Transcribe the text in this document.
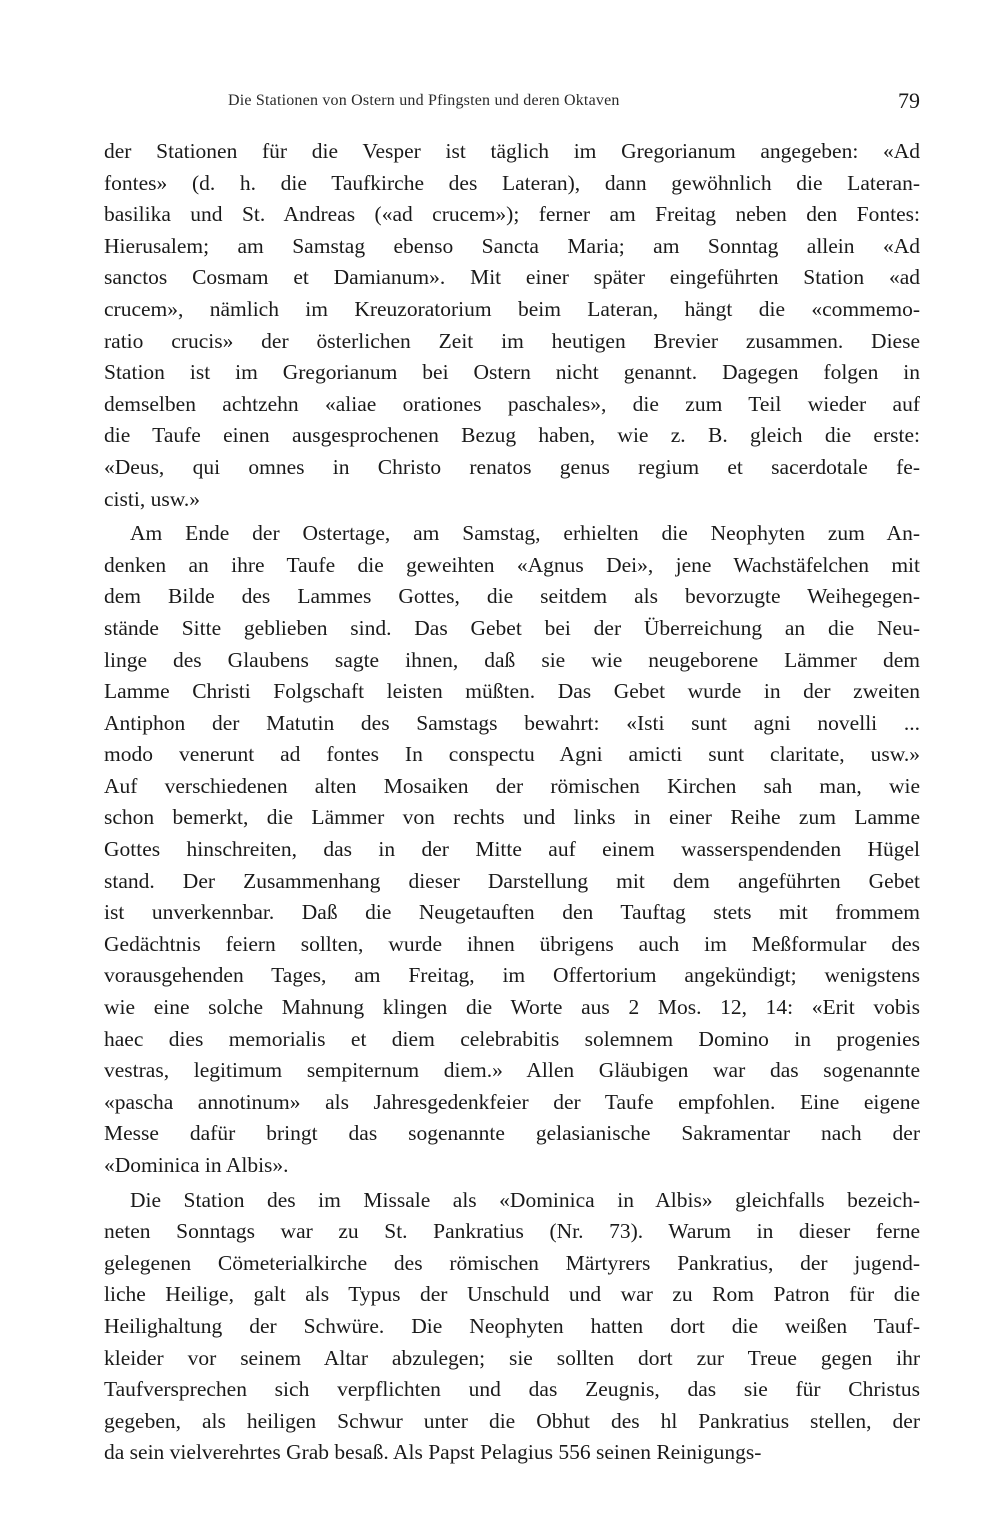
Die Stationen von Ostern und Pfingsten und deren Oktaven	79
der Stationen für die Vesper ist täglich im Gregorianum angegeben: «Ad
fontes» (d. h. die Taufkirche des Lateran), dann gewöhnlich die Lateran-
basilika und St. Andreas («ad crucem»); ferner am Freitag neben den Fontes:
Hierusalem; am Samstag ebenso Sancta Maria; am Sonntag allein «Ad
sanctos Cosmam et Damianum». Mit einer später eingeführten Station «ad
crucem», nämlich im Kreuzoratorium beim Lateran, hängt die «commemo-
ratio crucis» der österlichen Zeit im heutigen Brevier zusammen. Diese
Station ist im Gregorianum bei Ostern nicht genannt. Dagegen folgen in
demselben achtzehn «aliae orationes paschales», die zum Teil wieder auf
die Taufe einen ausgesprochenen Bezug haben, wie z. B. gleich die erste:
«Deus, qui omnes in Christo renatos genus regium et sacerdotale fe-
cisti, usw.»
Am Ende der Ostertage, am Samstag, erhielten die Neophyten zum An-
denken an ihre Taufe die geweihten «Agnus Dei», jene Wachstäfelchen mit
dem Bilde des Lammes Gottes, die seitdem als bevorzugte Weihegegen-
stände Sitte geblieben sind. Das Gebet bei der Überreichung an die Neu-
linge des Glaubens sagte ihnen, daß sie wie neugeborene Lämmer dem
Lamme Christi Folgschaft leisten müßten. Das Gebet wurde in der zweiten
Antiphon der Matutin des Samstags bewahrt: «Isti sunt agni novelli ...
modo venerunt ad fontes In conspectu Agni amicti sunt claritate, usw.»
Auf verschiedenen alten Mosaiken der römischen Kirchen sah man, wie
schon bemerkt, die Lämmer von rechts und links in einer Reihe zum Lamme
Gottes hinschreiten, das in der Mitte auf einem wasserspendenden Hügel
stand. Der Zusammenhang dieser Darstellung mit dem angeführten Gebet
ist unverkennbar. Daß die Neugetauften den Tauftag stets mit frommem
Gedächtnis feiern sollten, wurde ihnen übrigens auch im Meßformular des
vorausgehenden Tages, am Freitag, im Offertorium angekündigt; wenigstens
wie eine solche Mahnung klingen die Worte aus 2 Mos. 12, 14: «Erit vobis
haec dies memorialis et diem celebrabitis solemnem Domino in progenies
vestras, legitimum sempiternum diem.» Allen Gläubigen war das sogenannte
«pascha annotinum» als Jahresgedenkfeier der Taufe empfohlen. Eine eigene
Messe dafür bringt das sogenannte gelasianische Sakramentar nach der
«Dominica in Albis».
Die Station des im Missale als «Dominica in Albis» gleichfalls bezeich-
neten Sonntags war zu St. Pankratius (Nr. 73). Warum in dieser ferne
gelegenen Cömeterialkirche des römischen Märtyrers Pankratius, der jugend-
liche Heilige, galt als Typus der Unschuld und war zu Rom Patron für die
Heilighaltung der Schwüre. Die Neophyten hatten dort die weißen Tauf-
kleider vor seinem Altar abzulegen; sie sollten dort zur Treue gegen ihr
Taufversprechen sich verpflichten und das Zeugnis, das sie für Christus
gegeben, als heiligen Schwur unter die Obhut des hl Pankratius stellen, der
da sein vielverehrtes Grab besaß. Als Papst Pelagius 556 seinen Reinigungs-
